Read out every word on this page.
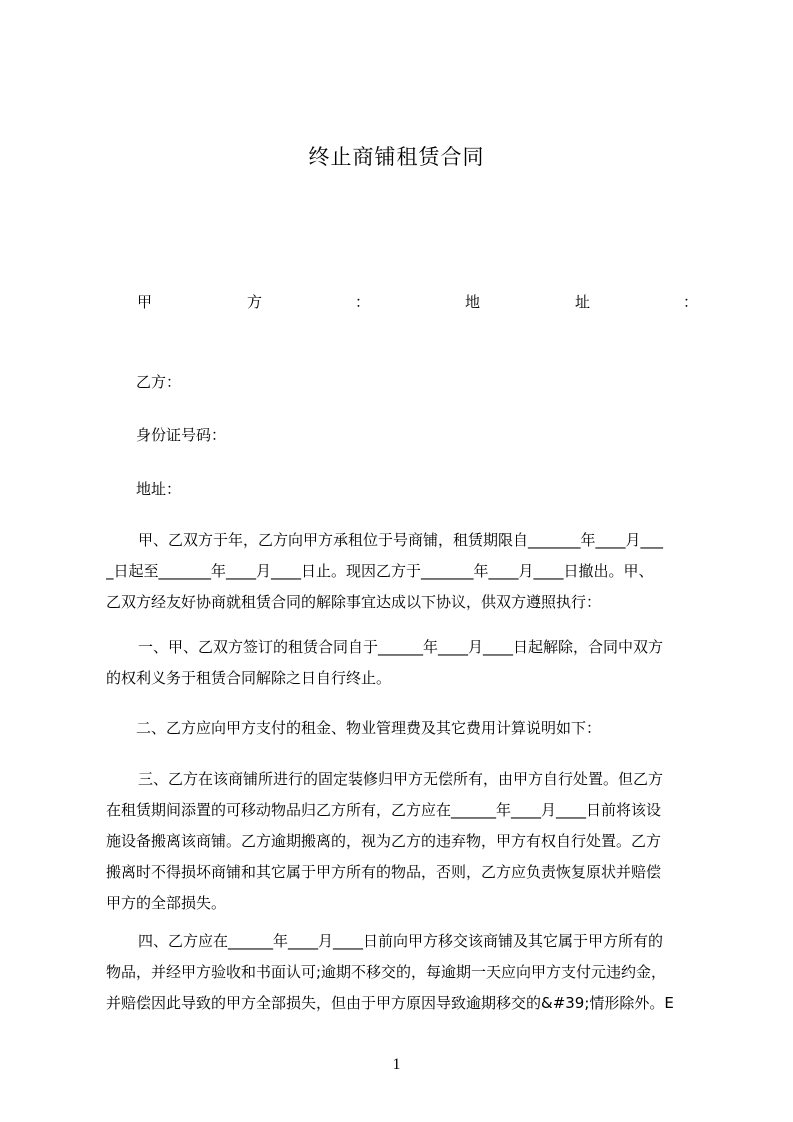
终止商铺租赁合同
甲	方	：	地	址	：
乙方：
身份证号码：
地址：
甲、乙双方于年，乙方向甲方承租位于号商铺，租赁期限自_______年____月___
_日起至_______年____月____日止。现因乙方于_______年____月____日撤出。甲、
乙双方经友好协商就租赁合同的解除事宜达成以下协议，供双方遵照执行：
一、甲、乙双方签订的租赁合同自于______年____月____日起解除，合同中双方
的权利义务于租赁合同解除之日自行终止。
二、乙方应向甲方支付的租金、物业管理费及其它费用计算说明如下：
三、乙方在该商铺所进行的固定装修归甲方无偿所有，由甲方自行处置。但乙方
在租赁期间添置的可移动物品归乙方所有，乙方应在______年____月____日前将该设
施设备搬离该商铺。乙方逾期搬离的，视为乙方的违弃物，甲方有权自行处置。乙方
搬离时不得损坏商铺和其它属于甲方所有的物品，否则，乙方应负责恢复原状并赔偿
甲方的全部损失。
四、乙方应在______年____月____日前向甲方移交该商铺及其它属于甲方所有的
物品，并经甲方验收和书面认可;逾期不移交的，每逾期一天应向甲方支付元违约金，
并赔偿因此导致的甲方全部损失，但由于甲方原因导致逾期移交的&#39;情形除外。E
1
